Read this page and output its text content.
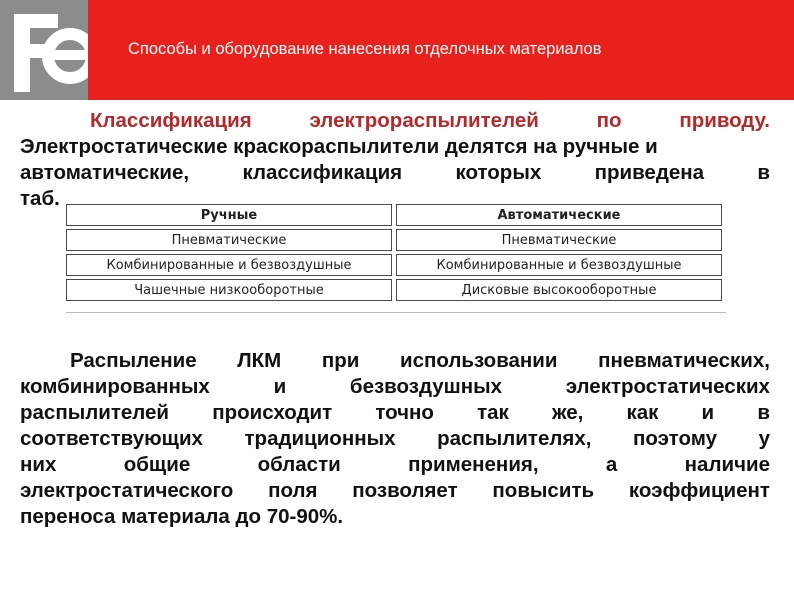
Способы и оборудование нанесения отделочных материалов
Классификация	электрораспылителей	по	приводу.
Электростатические краскораспылители делятся на ручные и
автоматические,	классификация	которых	приведена	в
таб.
Ручные	Автоматические
Пневматические	Пневматические
Комбинированные и безвоздушные	Комбинированные и безвоздушные
Чашечные низкооборотные	Дисковые высокооборотные
Распыление ЛКМ при использовании пневматических,
комбинированных	и	безвоздушных	электростатических
распылителей происходит точно так же, как и в
соответствующих традиционных распылителях, поэтому у
них	общие	области	применения,	а	наличие
электростатического поля позволяет повысить коэффициент
переноса материала до 70-90%.
